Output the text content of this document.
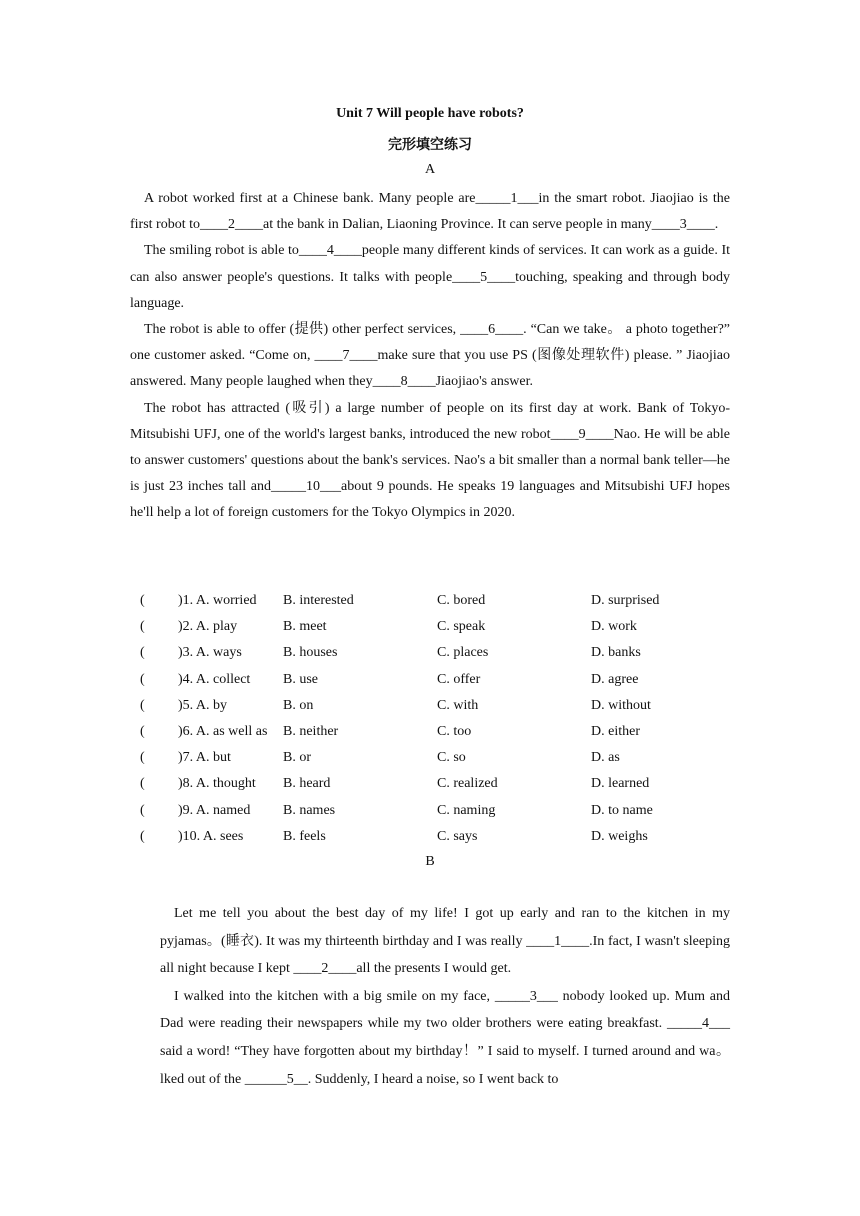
Unit 7 Will people have robots?
完形填空练习
A

A robot worked first at a Chinese bank. Many people are_____1___in the smart robot. Jiaojiao is the first robot to____2____at the bank in Dalian, Liaoning Province. It can serve people in many____3____.

The smiling robot is able to____4____people many different kinds of services. It can work as a guide. It can also answer people's questions. It talks with people____5____touching, speaking and through body language.

The robot is able to offer (提供) other perfect services, ____6____. “Can we take。 a photo together?” one customer asked. “Come on, ____7____make sure that you use PS (图像处理软件) please. ” Jiaojiao answered. Many people laughed when they____8____Jiaojiao's answer.

The robot has attracted (吸引) a large number of people on its first day at work. Bank of Tokyo-Mitsubishi UFJ, one of the world's largest banks, introduced the new robot____9____Nao. He will be able to answer customers' questions about the bank's services. Nao's a bit smaller than a normal bank teller—he is just 23 inches tall and_____10___about 9 pounds. He speaks 19 languages and Mitsubishi UFJ hopes he'll help a lot of foreign customers for the Tokyo Olympics in 2020.

( )1. A. worried B. interested	C. bored	D. surprised
( )2. A. play	B. meet	C. speak	D. work
( )3. A. ways	B. houses	C. places	D. banks
( )4. A. collect B. use	C. offer	D. agree
( )5. A. by	B. on	C. with	D. without
( )6. A. as well as B. neither	C. too	D. either
( )7. A. but	B. or	C. so	D. as
( )8. A. thought B. heard	C. realized	D. learned
( )9. A. named B. names	C. naming	D. to name
( )10. A. sees	B. feels	C. says	D. weighs
B

Let me tell you about the best day of my life! I got up early and ran to the kitchen in my pyjamas。(睡衣). It was my thirteenth birthday and I was really ____1____.In fact, I wasn't sleeping all night because I kept ____2____all the presents I would get.

I walked into the kitchen with a big smile on my face, _____3___ nobody looked up. Mum and Dad were reading their newspapers while my two older brothers were eating breakfast. _____4___ said a word! “They have forgotten about my birthday！” I said to myself. I turned around and wa。lked out of the ______5__. Suddenly, I heard a noise, so I went back to
